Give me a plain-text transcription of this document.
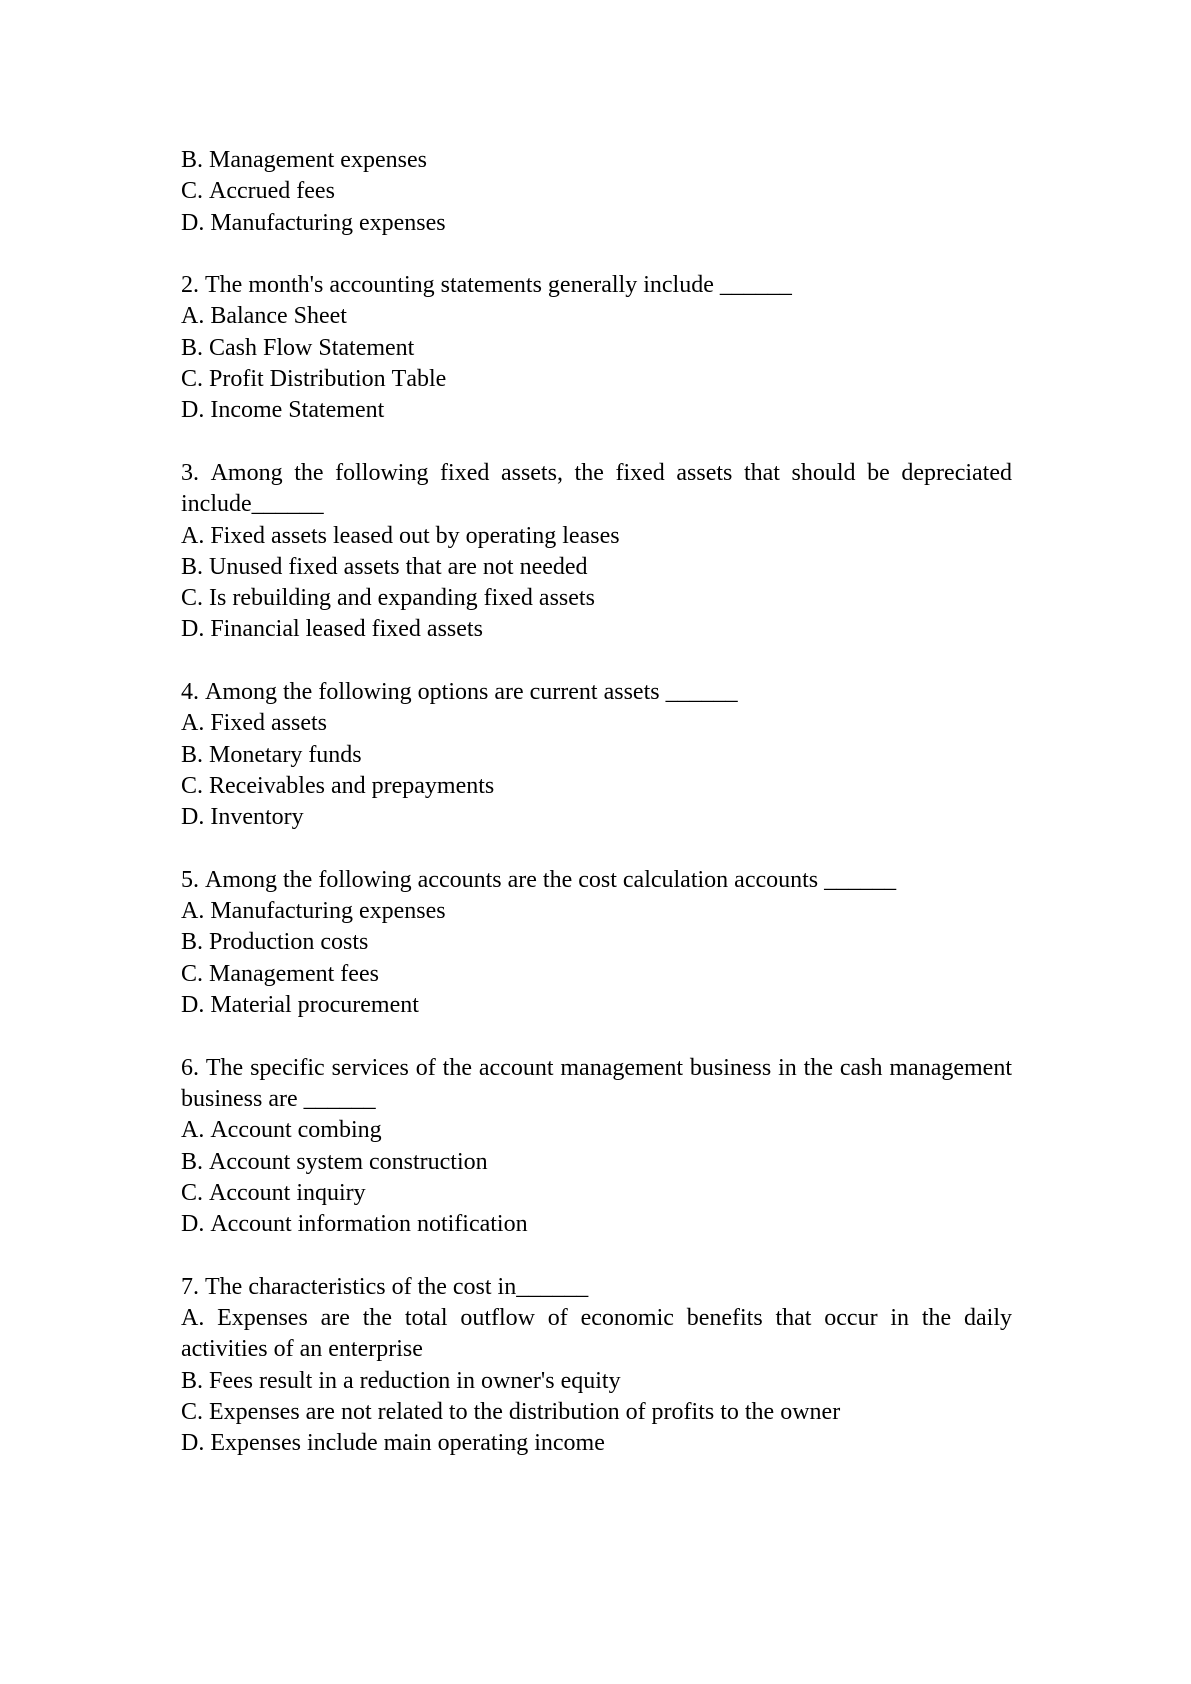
B. Management expenses
C. Accrued fees
D. Manufacturing expenses
2. The month's accounting statements generally include ______
A. Balance Sheet
B. Cash Flow Statement
C. Profit Distribution Table
D. Income Statement
3. Among the following fixed assets, the fixed assets that should be depreciated
include______
A. Fixed assets leased out by operating leases
B. Unused fixed assets that are not needed
C. Is rebuilding and expanding fixed assets
D. Financial leased fixed assets
4. Among the following options are current assets ______
A. Fixed assets
B. Monetary funds
C. Receivables and prepayments
D. Inventory
5. Among the following accounts are the cost calculation accounts ______
A. Manufacturing expenses
B. Production costs
C. Management fees
D. Material procurement
6. The specific services of the account management business in the cash management
business are ______
A. Account combing
B. Account system construction
C. Account inquiry
D. Account information notification
7. The characteristics of the cost in______
A. Expenses are the total outflow of economic benefits that occur in the daily
activities of an enterprise
B. Fees result in a reduction in owner's equity
C. Expenses are not related to the distribution of profits to the owner
D. Expenses include main operating income
